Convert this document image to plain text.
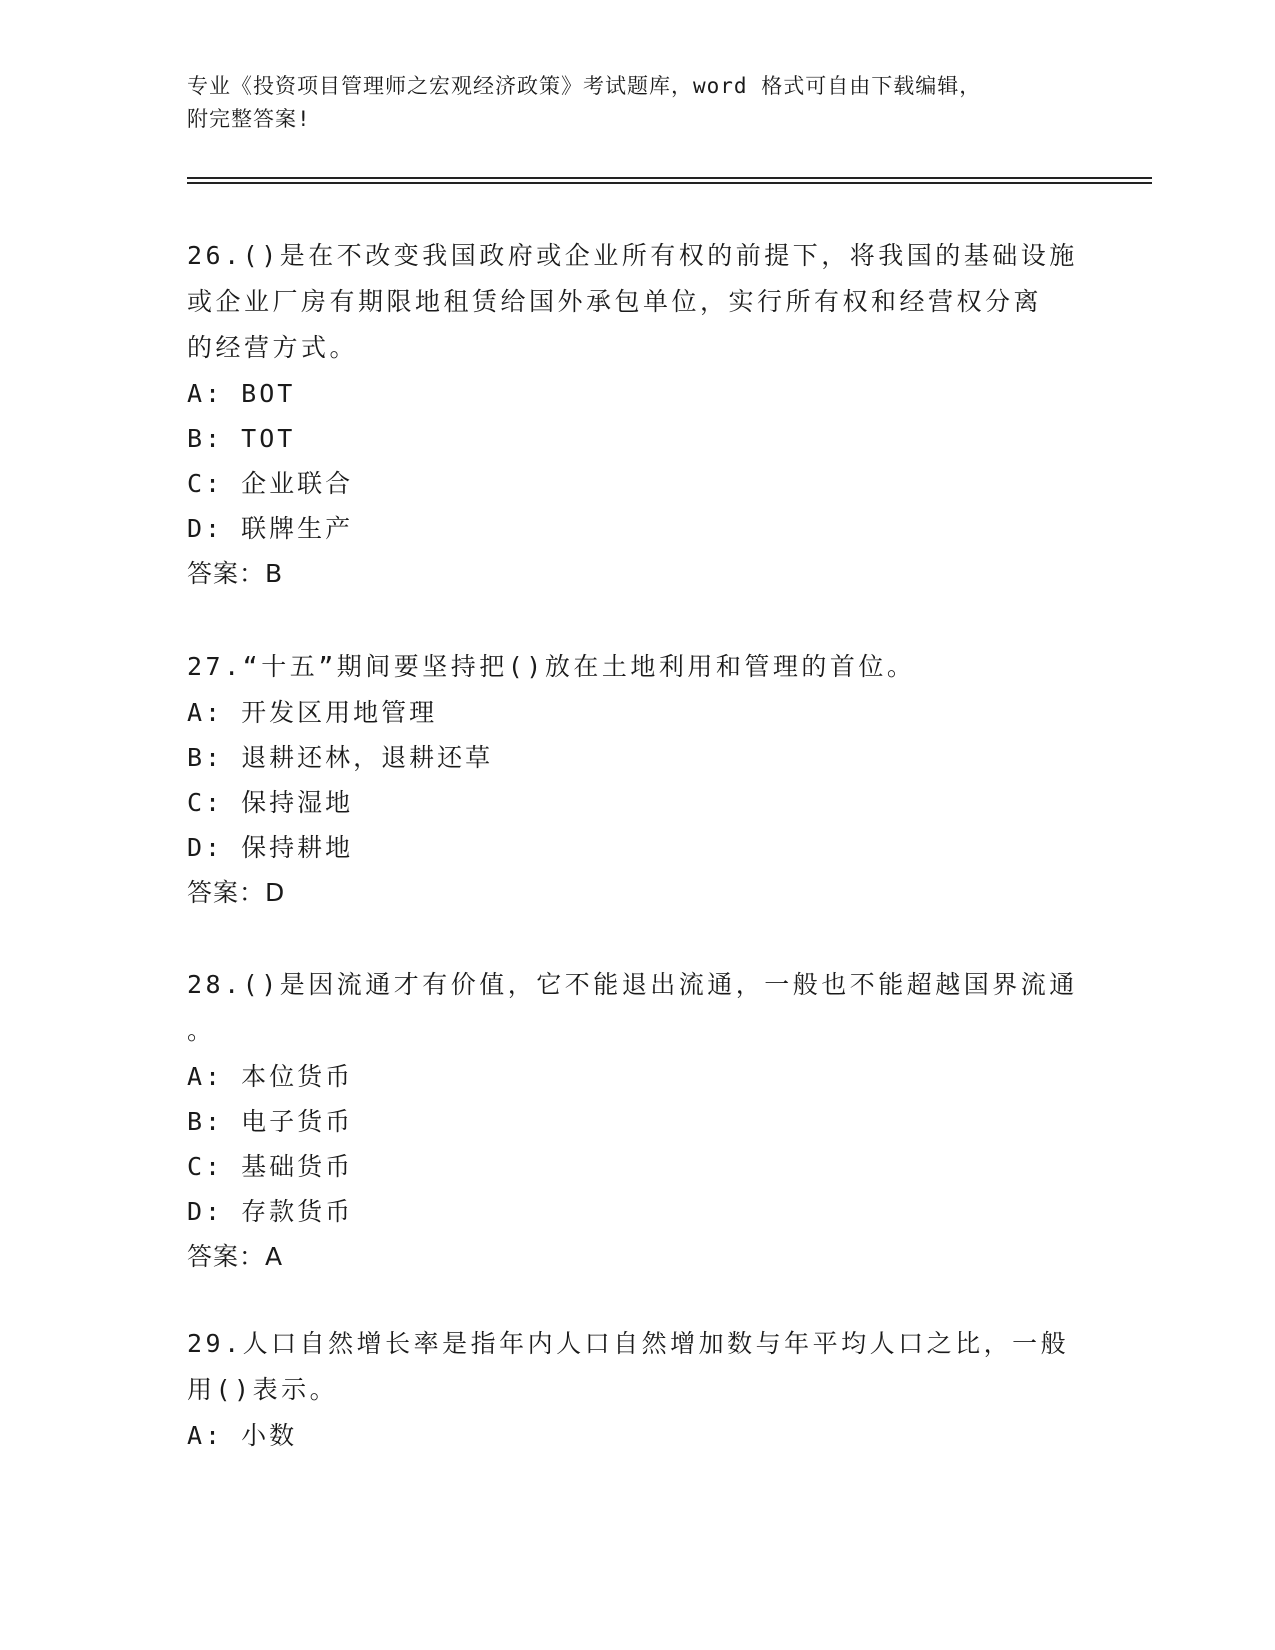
专业《投资项目管理师之宏观经济政策》考试题库，word 格式可自由下载编辑，
附完整答案!

26.()是在不改变我国政府或企业所有权的前提下，将我国的基础设施

或企业厂房有期限地租赁给国外承包单位，实行所有权和经营权分离

的经营方式。

A: BOT

B: TOT

C: 企业联合

D: 联牌生产

答案：B

27.“十五”期间要坚持把()放在土地利用和管理的首位。

A: 开发区用地管理

B: 退耕还林，退耕还草

C: 保持湿地

D: 保持耕地

答案：D

28.()是因流通才有价值，它不能退出流通，一般也不能超越国界流通

。

A: 本位货币

B: 电子货币

C: 基础货币

D: 存款货币

答案：A

29.人口自然增长率是指年内人口自然增加数与年平均人口之比，一般

用()表示。

A: 小数
